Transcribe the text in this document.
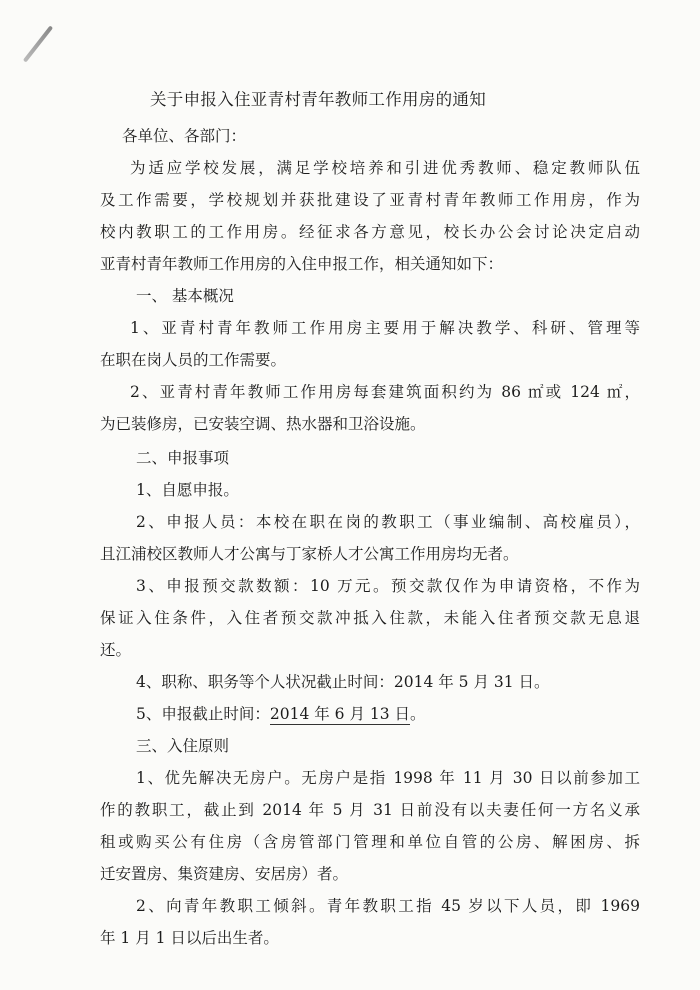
关于申报入住亚青村青年教师工作用房的通知
各单位、各部门：
为适应学校发展，满足学校培养和引进优秀教师、稳定教师队伍
及工作需要，学校规划并获批建设了亚青村青年教师工作用房，作为
校内教职工的工作用房。经征求各方意见，校长办公会讨论决定启动
亚青村青年教师工作用房的入住申报工作，相关通知如下：
一、 基本概况
1、亚青村青年教师工作用房主要用于解决教学、科研、管理等
在职在岗人员的工作需要。
2、亚青村青年教师工作用房每套建筑面积约为 86 ㎡或 124 ㎡，
为已装修房，已安装空调、热水器和卫浴设施。
二、申报事项
1、自愿申报。
2、申报人员：本校在职在岗的教职工（事业编制、高校雇员），
且江浦校区教师人才公寓与丁家桥人才公寓工作用房均无者。
3、申报预交款数额：10 万元。预交款仅作为申请资格，不作为
保证入住条件，入住者预交款冲抵入住款，未能入住者预交款无息退
还。
4、职称、职务等个人状况截止时间：2014 年 5 月 31 日。
5、申报截止时间：2014 年 6 月 13 日。
三、入住原则
1、优先解决无房户。无房户是指 1998 年 11 月 30 日以前参加工
作的教职工，截止到 2014 年 5 月 31 日前没有以夫妻任何一方名义承
租或购买公有住房（含房管部门管理和单位自管的公房、解困房、拆
迁安置房、集资建房、安居房）者。
2、向青年教职工倾斜。青年教职工指 45 岁以下人员，即 1969
年 1 月 1 日以后出生者。
